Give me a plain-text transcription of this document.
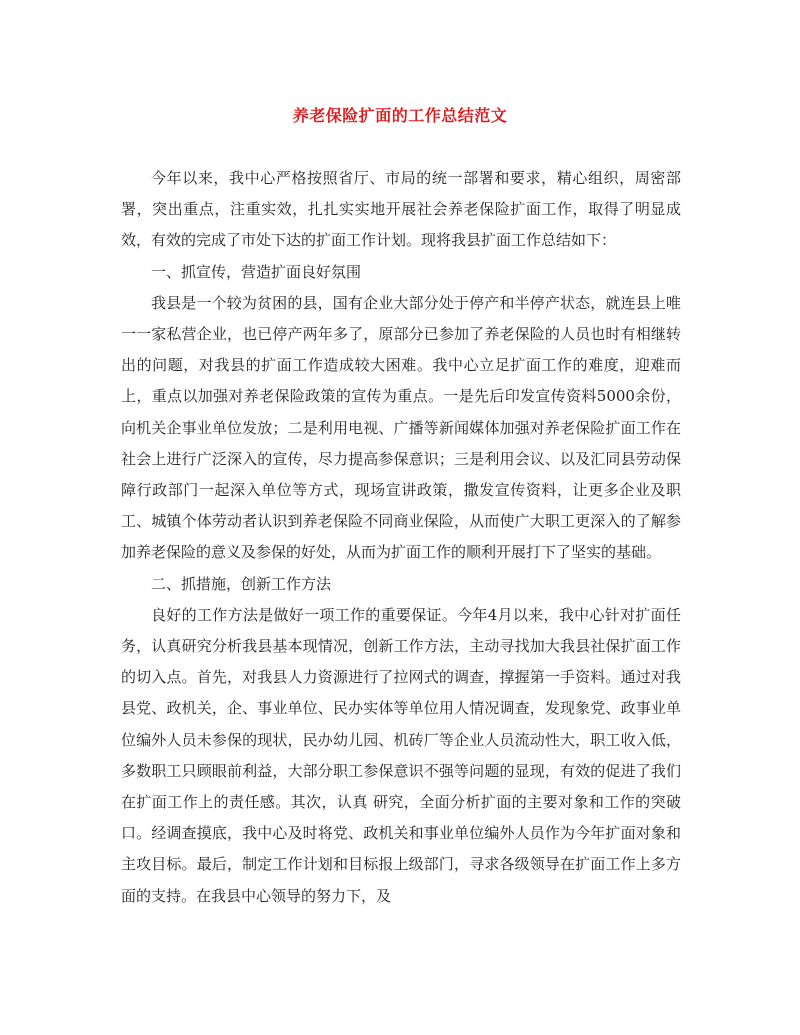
养老保险扩面的工作总结范文

今年以来，我中心严格按照省厅、市局的统一部署和要求，精心组织，周密部署，突出重点，注重实效，扎扎实实地开展社会养老保险扩面工作，取得了明显成效，有效的完成了市处下达的扩面工作计划。现将我县扩面工作总结如下：

一、抓宣传，营造扩面良好氛围

我县是一个较为贫困的县，国有企业大部分处于停产和半停产状态，就连县上唯一一家私营企业，也已停产两年多了，原部分已参加了养老保险的人员也时有相继转出的问题，对我县的扩面工作造成较大困难。我中心立足扩面工作的难度，迎难而上，重点以加强对养老保险政策的宣传为重点。一是先后印发宣传资料5000余份，向机关企事业单位发放；二是利用电视、广播等新闻媒体加强对养老保险扩面工作在社会上进行广泛深入的宣传，尽力提高参保意识；三是利用会议、以及汇同县劳动保障行政部门一起深入单位等方式，现场宣讲政策，撒发宣传资料，让更多企业及职工、城镇个体劳动者认识到养老保险不同商业保险，从而使广大职工更深入的了解参加养老保险的意义及参保的好处，从而为扩面工作的顺利开展打下了坚实的基础。

二、抓措施，创新工作方法

良好的工作方法是做好一项工作的重要保证。今年4月以来，我中心针对扩面任务，认真研究分析我县基本现情况，创新工作方法，主动寻找加大我县社保扩面工作的切入点。首先，对我县人力资源进行了拉网式的调查，撑握第一手资料。通过对我县党、政机关，企、事业单位、民办实体等单位用人情况调查，发现象党、政事业单位编外人员未参保的现状，民办幼儿园、机砖厂等企业人员流动性大，职工收入低，多数职工只顾眼前利益，大部分职工参保意识不强等问题的显现，有效的促进了我们在扩面工作上的责任感。其次，认真 研究，全面分析扩面的主要对象和工作的突破口。经调查摸底，我中心及时将党、政机关和事业单位编外人员作为今年扩面对象和主攻目标。最后，制定工作计划和目标报上级部门，寻求各级领导在扩面工作上多方面的支持。在我县中心领导的努力下，及
